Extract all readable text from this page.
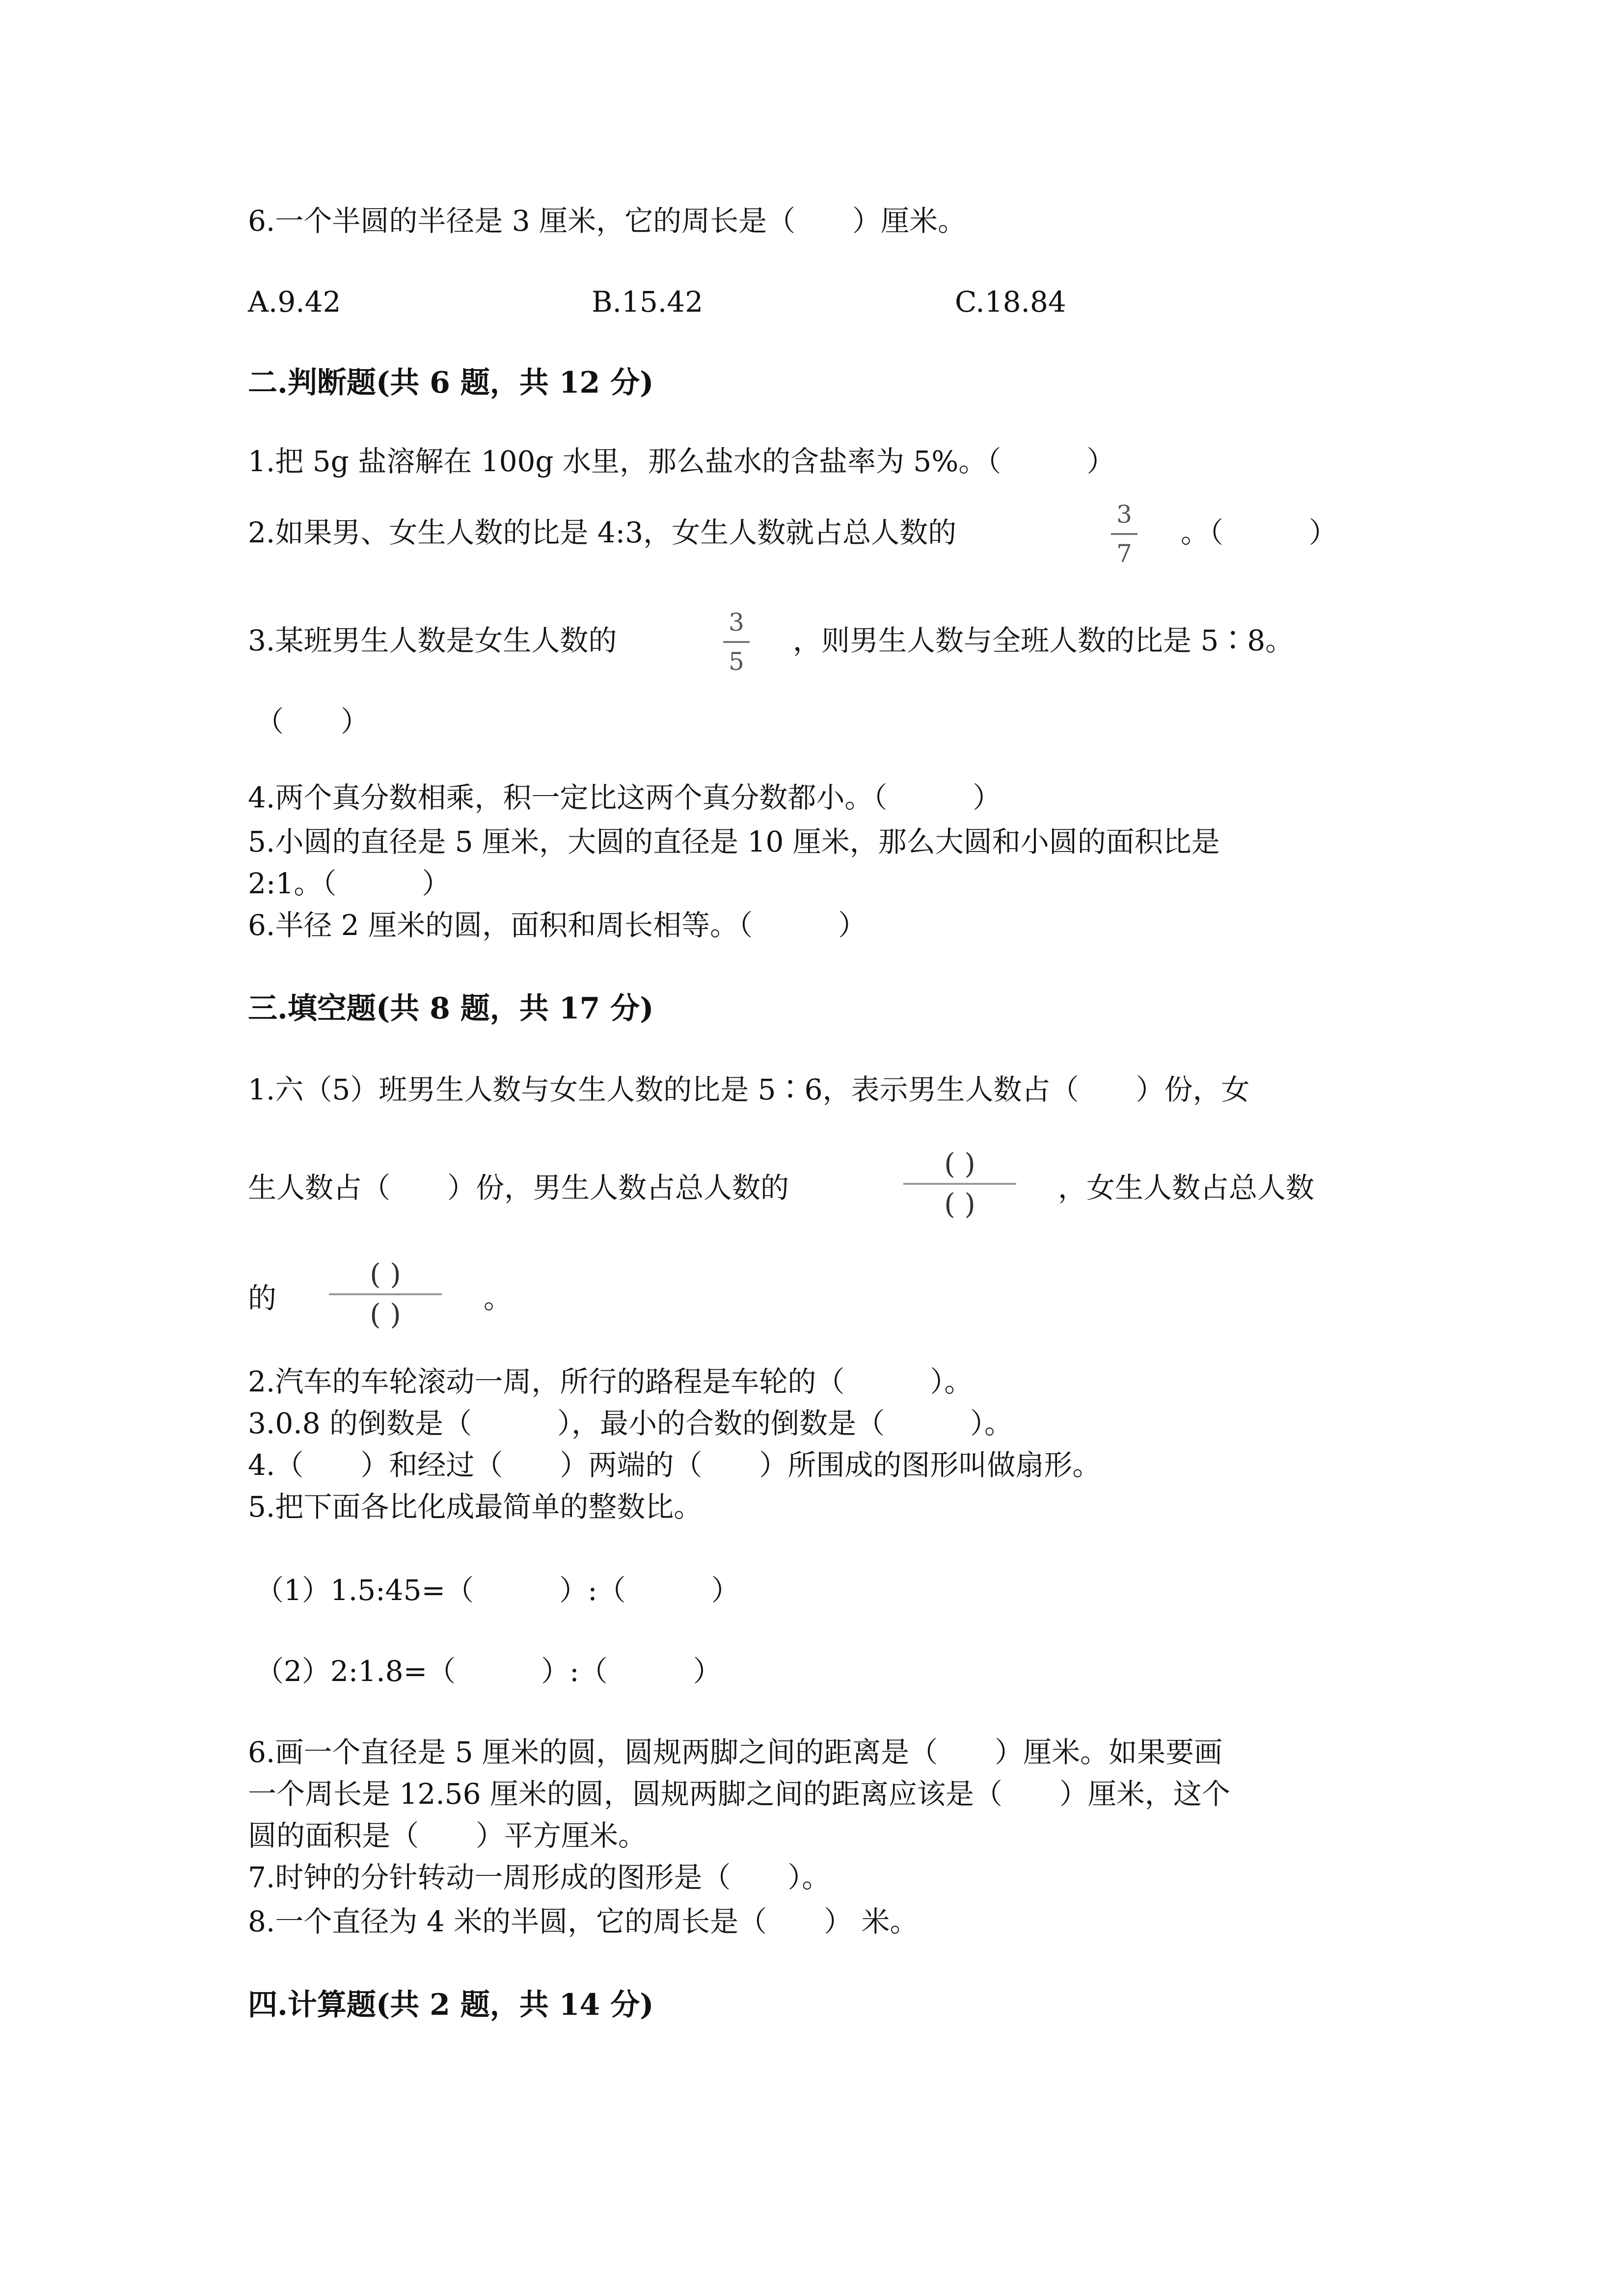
6.一个半圆的半径是 3 厘米，它的周长是（　　）厘米。
A.9.42	B.15.42	C.18.84
二.判断题(共 6 题，共 12 分)
1.把 5g 盐溶解在 100g 水里，那么盐水的含盐率为 5%。（　　　）
2.如果男、女生人数的比是 4:3，女生人数就占总人数的
3
7
。（　　　）
3.某班男生人数是女生人数的
3
5
，则男生人数与全班人数的比是 5∶8。
（　　）
4.两个真分数相乘，积一定比这两个真分数都小。（　　　）
5.小圆的直径是 5 厘米，大圆的直径是 10 厘米，那么大圆和小圆的面积比是
2:1。（　　　）
6.半径 2 厘米的圆，面积和周长相等。（　　　）
三.填空题(共 8 题，共 17 分)
1.六（5）班男生人数与女生人数的比是 5∶6，表示男生人数占（　　）份，女
生人数占（　　）份，男生人数占总人数的
( )
( )	，女生人数占总人数
的
( )
( )	。
2.汽车的车轮滚动一周，所行的路程是车轮的（　　　）。
3.0.8 的倒数是（　　　），最小的合数的倒数是（　　　）。
4.（　　）和经过（　　）两端的（　　）所围成的图形叫做扇形。
5.把下面各比化成最简单的整数比。
（1）1.5:45=（　　　）:（　　　）
（2）2:1.8=（　　　）:（　　　）
6.画一个直径是 5 厘米的圆，圆规两脚之间的距离是（　　）厘米。如果要画
一个周长是 12.56 厘米的圆，圆规两脚之间的距离应该是（　　）厘米，这个
圆的面积是（　　）平方厘米。
7.时钟的分针转动一周形成的图形是（　　）。
8.一个直径为 4 米的半圆，它的周长是（　　） 米。
四.计算题(共 2 题，共 14 分)
